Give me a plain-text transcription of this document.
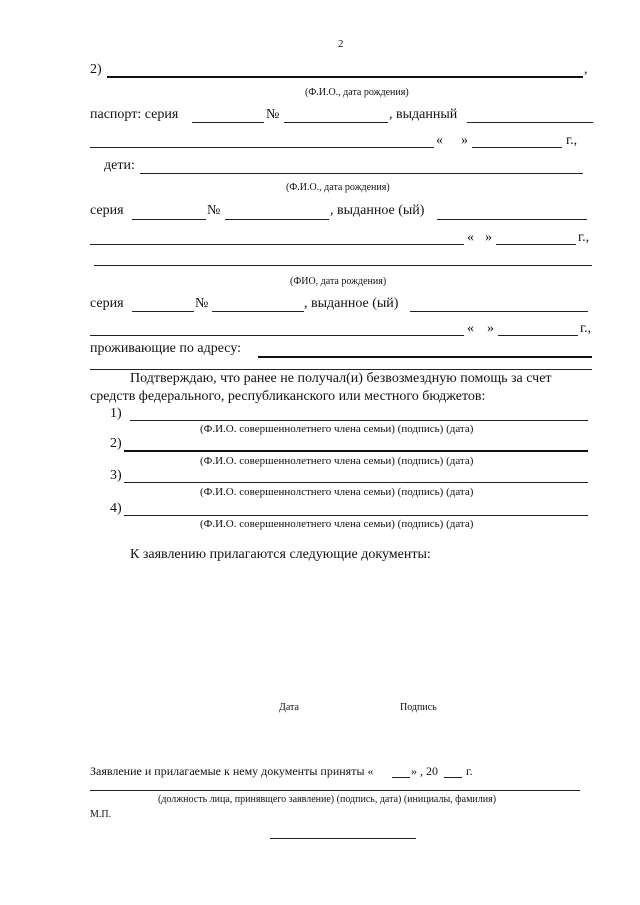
2
2)	,
(Ф.И.О., дата рождения)
паспорт: серия	№	, выданный
« »	г.,
дети:
(Ф.И.О., дата рождения)
серия	№	, выданное (ый)
« »	г.,
(ФИО, дата рождения)
серия	№	, выданное (ый)
« »	г.,
проживающие по адресу:
Подтверждаю, что ранее не получал(и) безвозмездную помощь за счет
средств федерального, республиканского или местного бюджетов:
1)
(Ф.И.О. совершеннолетнего члена семьи) (подпись) (дата)
2)
(Ф.И.О. совершеннолетнего члена семьи) (подпись) (дата)
3)
(Ф.И.О. совершеннолстнего члена семьи) (подпись) (дата)
4)
(Ф.И.О. совершеннолетнего члена семьи) (подпись) (дата)
К заявлению прилагаются следующие документы:
Дата	Подпись
Заявление и прилагаемые к нему документы приняты «	» , 20 г.
(должность лица, принявщего заявление) (подпись, дата) (инициалы, фамилия)
М.П.
